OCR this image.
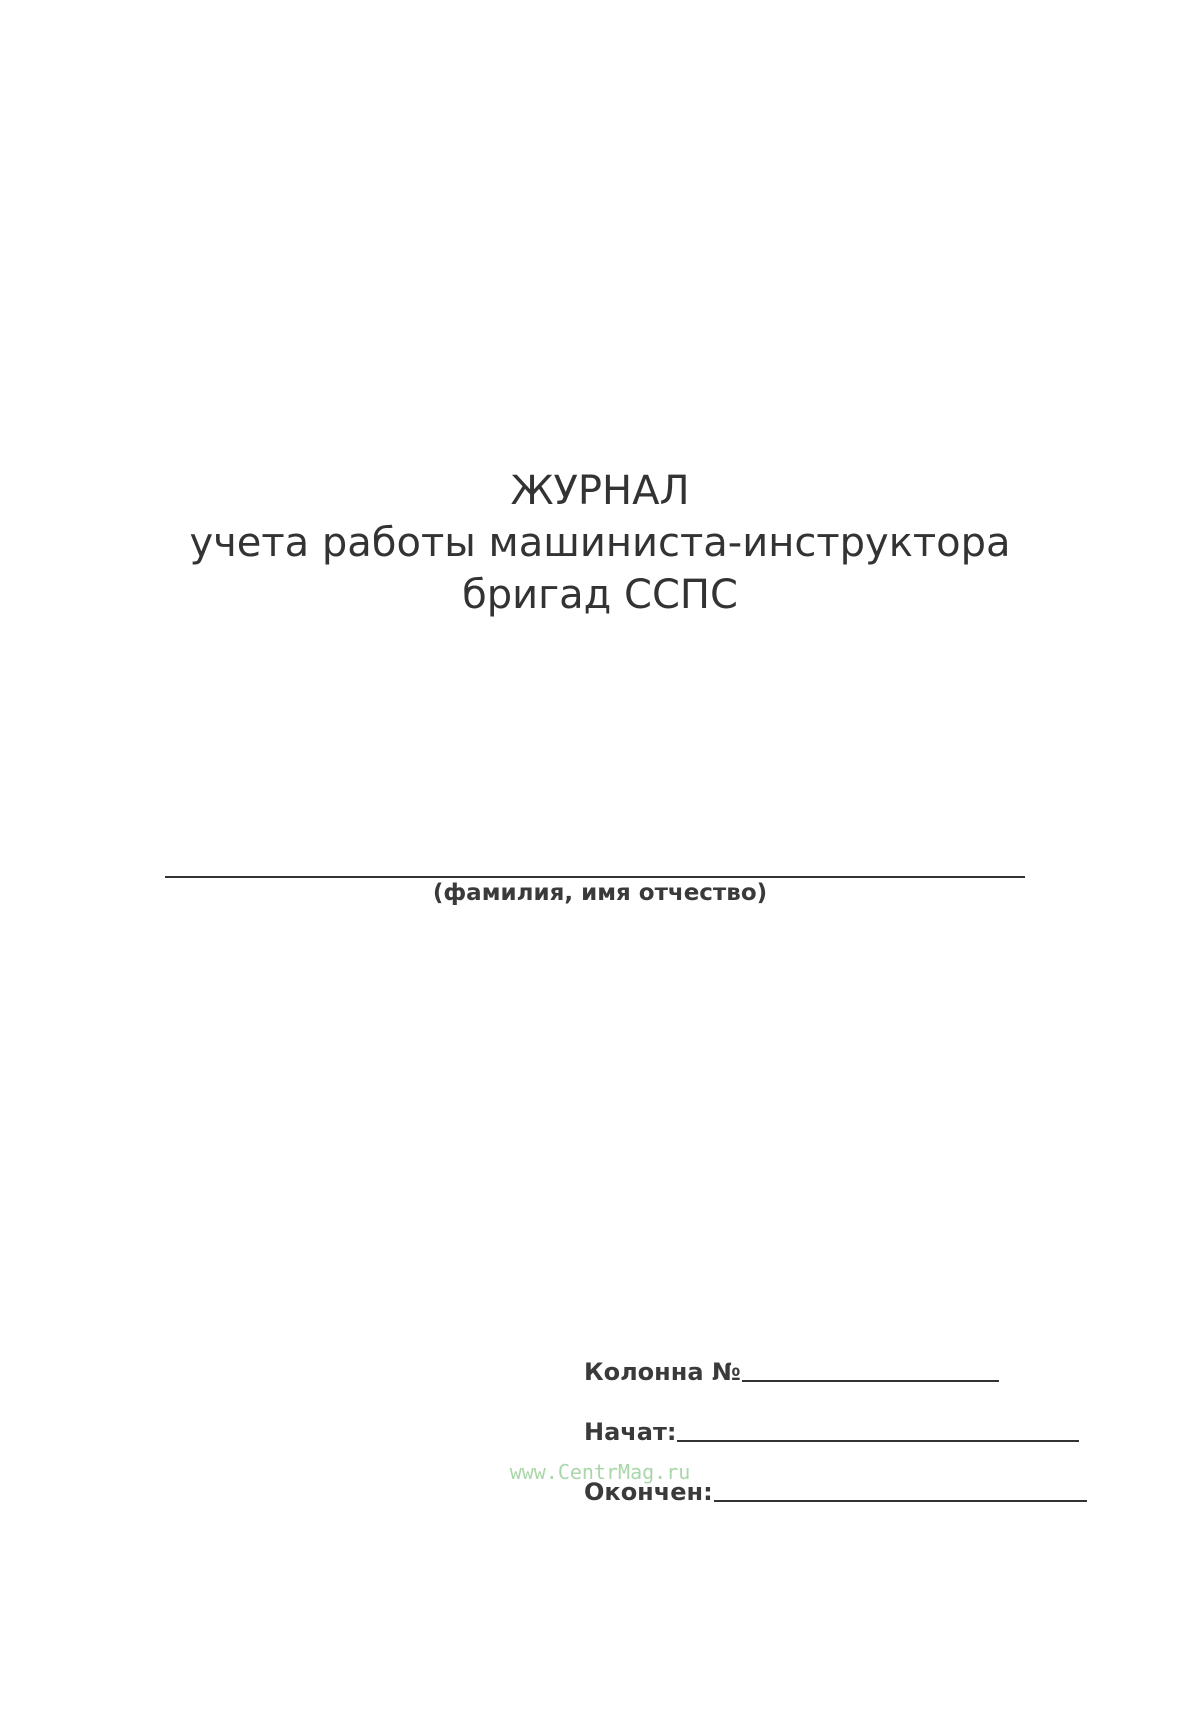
ЖУРНАЛ
учета работы машиниста-инструктора
бригад ССПС
(фамилия, имя отчество)
Колонна №
Начат:
www.CentrMag.ru
Окончен:
